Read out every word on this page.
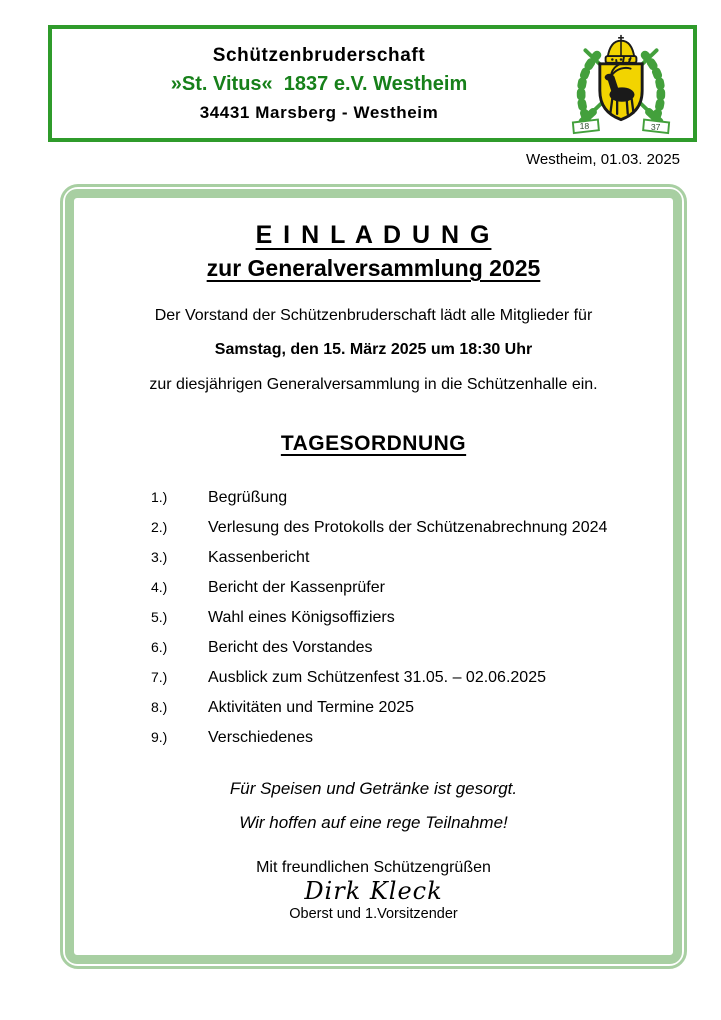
Schützenbruderschaft
»St. Vitus«  1837 e.V. Westheim
34431 Marsberg - Westheim
18	37
Westheim, 01.03. 2025
E I N L A D U N G
zur Generalversammlung 2025
Der Vorstand der Schützenbruderschaft lädt alle Mitglieder für
Samstag, den 15. März 2025 um 18:30 Uhr
zur diesjährigen Generalversammlung in die Schützenhalle ein.
TAGESORDNUNG
1.)	Begrüßung
2.)	Verlesung des Protokolls der Schützenabrechnung 2024
3.)	Kassenbericht
4.)	Bericht der Kassenprüfer
5.)	Wahl eines Königsoffiziers
6.)	Bericht des Vorstandes
7.)	Ausblick zum Schützenfest 31.05. – 02.06.2025
8.)	Aktivitäten und Termine 2025
9.)	Verschiedenes
Für Speisen und Getränke ist gesorgt.
Wir hoffen auf eine rege Teilnahme!
Mit freundlichen Schützengrüßen
Dirk Kleck
Oberst und 1.Vorsitzender
